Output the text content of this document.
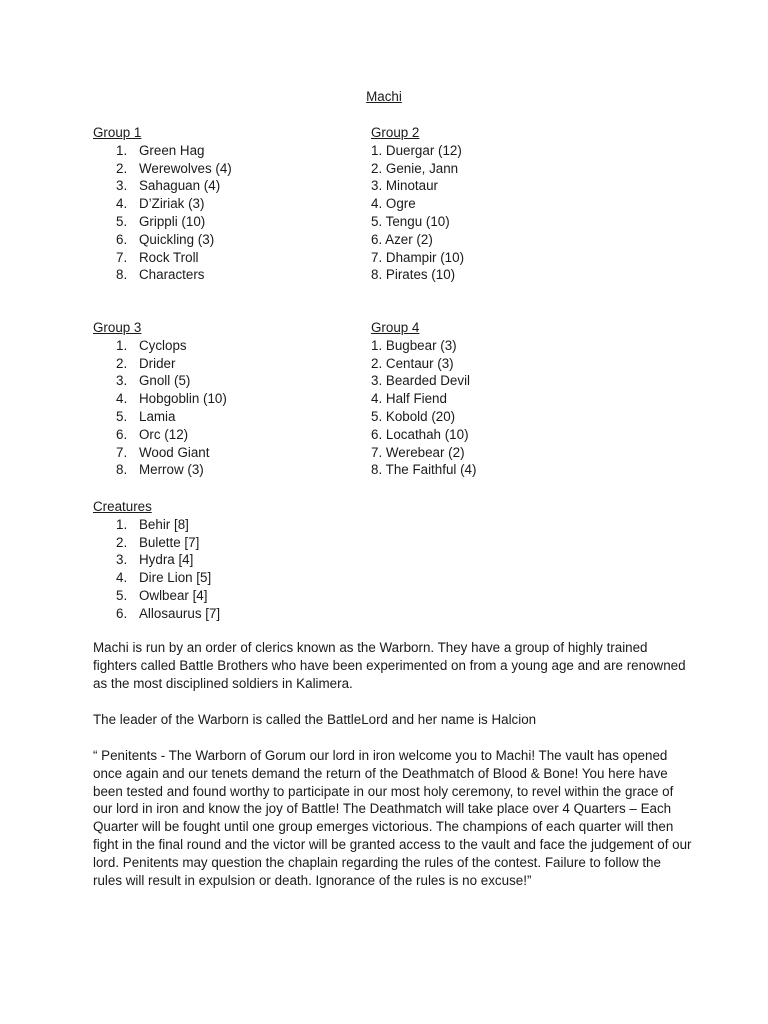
Machi
Group 1
1. Green Hag
2. Werewolves (4)
3. Sahaguan (4)
4. D’Ziriak (3)
5. Grippli (10)
6. Quickling (3)
7. Rock Troll
8. Characters
Group 2
1. Duergar (12)
2. Genie, Jann
3. Minotaur
4. Ogre
5. Tengu (10)
6. Azer (2)
7. Dhampir (10)
8. Pirates (10)
Group 3
1. Cyclops
2. Drider
3. Gnoll (5)
4. Hobgoblin (10)
5. Lamia
6. Orc (12)
7. Wood Giant
8. Merrow (3)
Group 4
1. Bugbear (3)
2. Centaur (3)
3. Bearded Devil
4. Half Fiend
5. Kobold (20)
6. Locathah (10)
7. Werebear (2)
8. The Faithful (4)
Creatures
1. Behir [8]
2. Bulette [7]
3. Hydra [4]
4. Dire Lion [5]
5. Owlbear [4]
6. Allosaurus [7]

Machi is run by an order of clerics known as the Warborn. They have a group of highly trained fighters called Battle Brothers who have been experimented on from a young age and are renowned as the most disciplined soldiers in Kalimera.

The leader of the Warborn is called the BattleLord and her name is Halcion

“ Penitents - The Warborn of Gorum our lord in iron welcome you to Machi! The vault has opened once again and our tenets demand the return of the Deathmatch of Blood & Bone! You here have been tested and found worthy to participate in our most holy ceremony, to revel within the grace of our lord in iron and know the joy of Battle! The Deathmatch will take place over 4 Quarters – Each Quarter will be fought until one group emerges victorious. The champions of each quarter will then fight in the final round and the victor will be granted access to the vault and face the judgement of our lord. Penitents may question the chaplain regarding the rules of the contest. Failure to follow the rules will result in expulsion or death. Ignorance of the rules is no excuse!”
